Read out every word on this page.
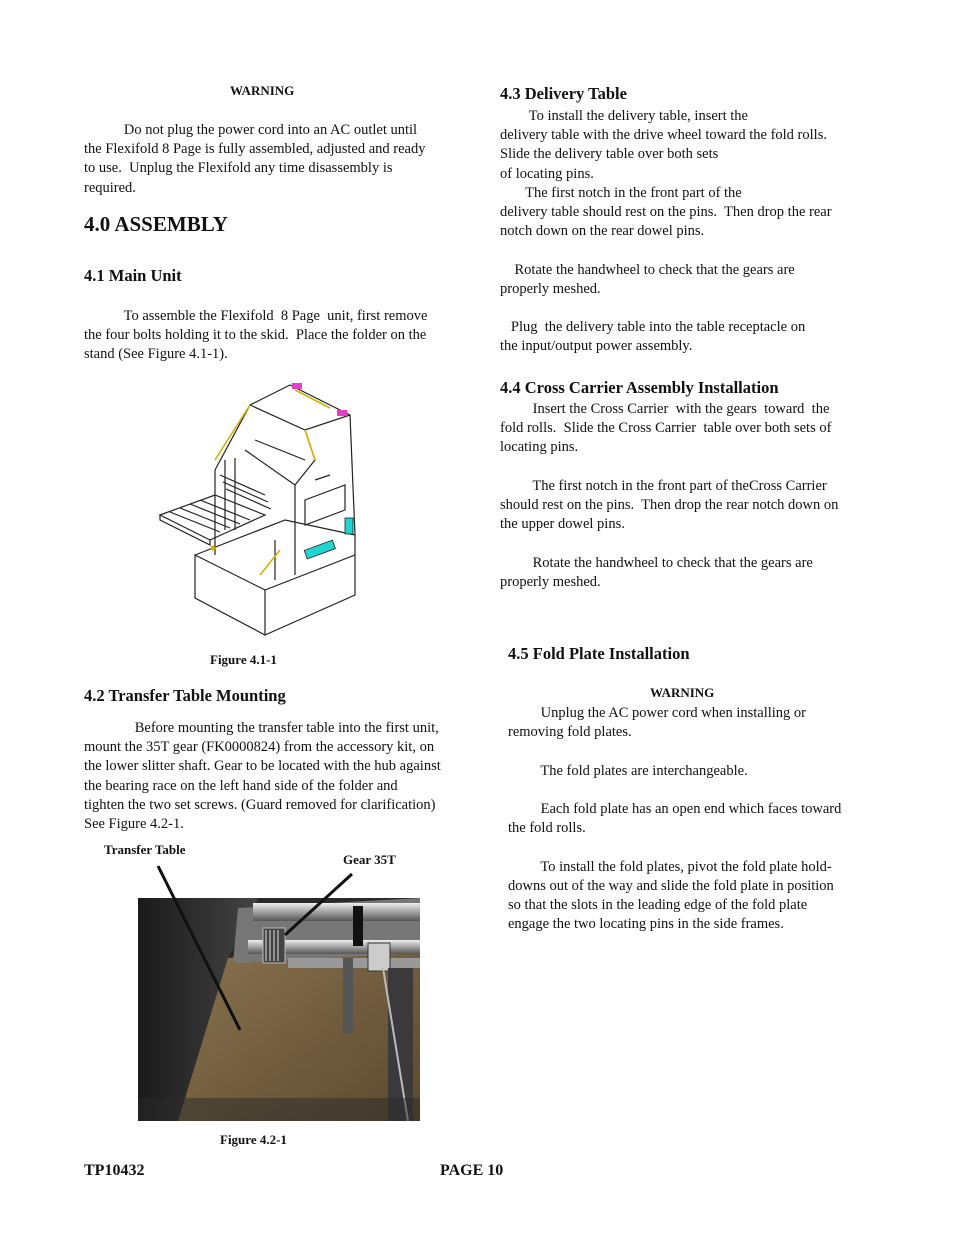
WARNING

Do not plug the power cord into an AC outlet until
the Flexifold 8 Page is fully assembled, adjusted and ready
to use.  Unplug the Flexifold any time disassembly is
required.

4.0 ASSEMBLY
4.1 Main Unit

To assemble the Flexifold  8 Page  unit, first remove
the four bolts holding it to the skid.  Place the folder on the
stand (See Figure 4.1-1).

Figure 4.1-1
4.2 Transfer Table Mounting

Before mounting the transfer table into the first unit,
mount the 35T gear (FK0000824) from the accessory kit, on
the lower slitter shaft. Gear to be located with the hub against
the bearing race on the left hand side of the folder and
tighten the two set screws. (Guard removed for clarification)
See Figure 4.2-1.

Transfer Table
Gear 35T
Figure 4.2-1
4.3 Delivery Table

To install the delivery table, insert the
delivery table with the drive wheel toward the fold rolls.
Slide the delivery table over both sets
of locating pins.
The first notch in the front part of the
delivery table should rest on the pins.  Then drop the rear
notch down on the rear dowel pins.

Rotate the handwheel to check that the gears are
properly meshed.

Plug  the delivery table into the table receptacle on
the input/output power assembly.

4.4 Cross Carrier Assembly Installation

Insert the Cross Carrier  with the gears  toward  the
fold rolls.  Slide the Cross Carrier  table over both sets of
locating pins.

The first notch in the front part of theCross Carrier
should rest on the pins.  Then drop the rear notch down on
the upper dowel pins.

Rotate the handwheel to check that the gears are
properly meshed.

4.5 Fold Plate Installation
WARNING

Unplug the AC power cord when installing or
removing fold plates.

The fold plates are interchangeable.

Each fold plate has an open end which faces toward
the fold rolls.

To install the fold plates, pivot the fold plate hold-
downs out of the way and slide the fold plate in position
so that the slots in the leading edge of the fold plate
engage the two locating pins in the side frames.

TP10432	PAGE 10
